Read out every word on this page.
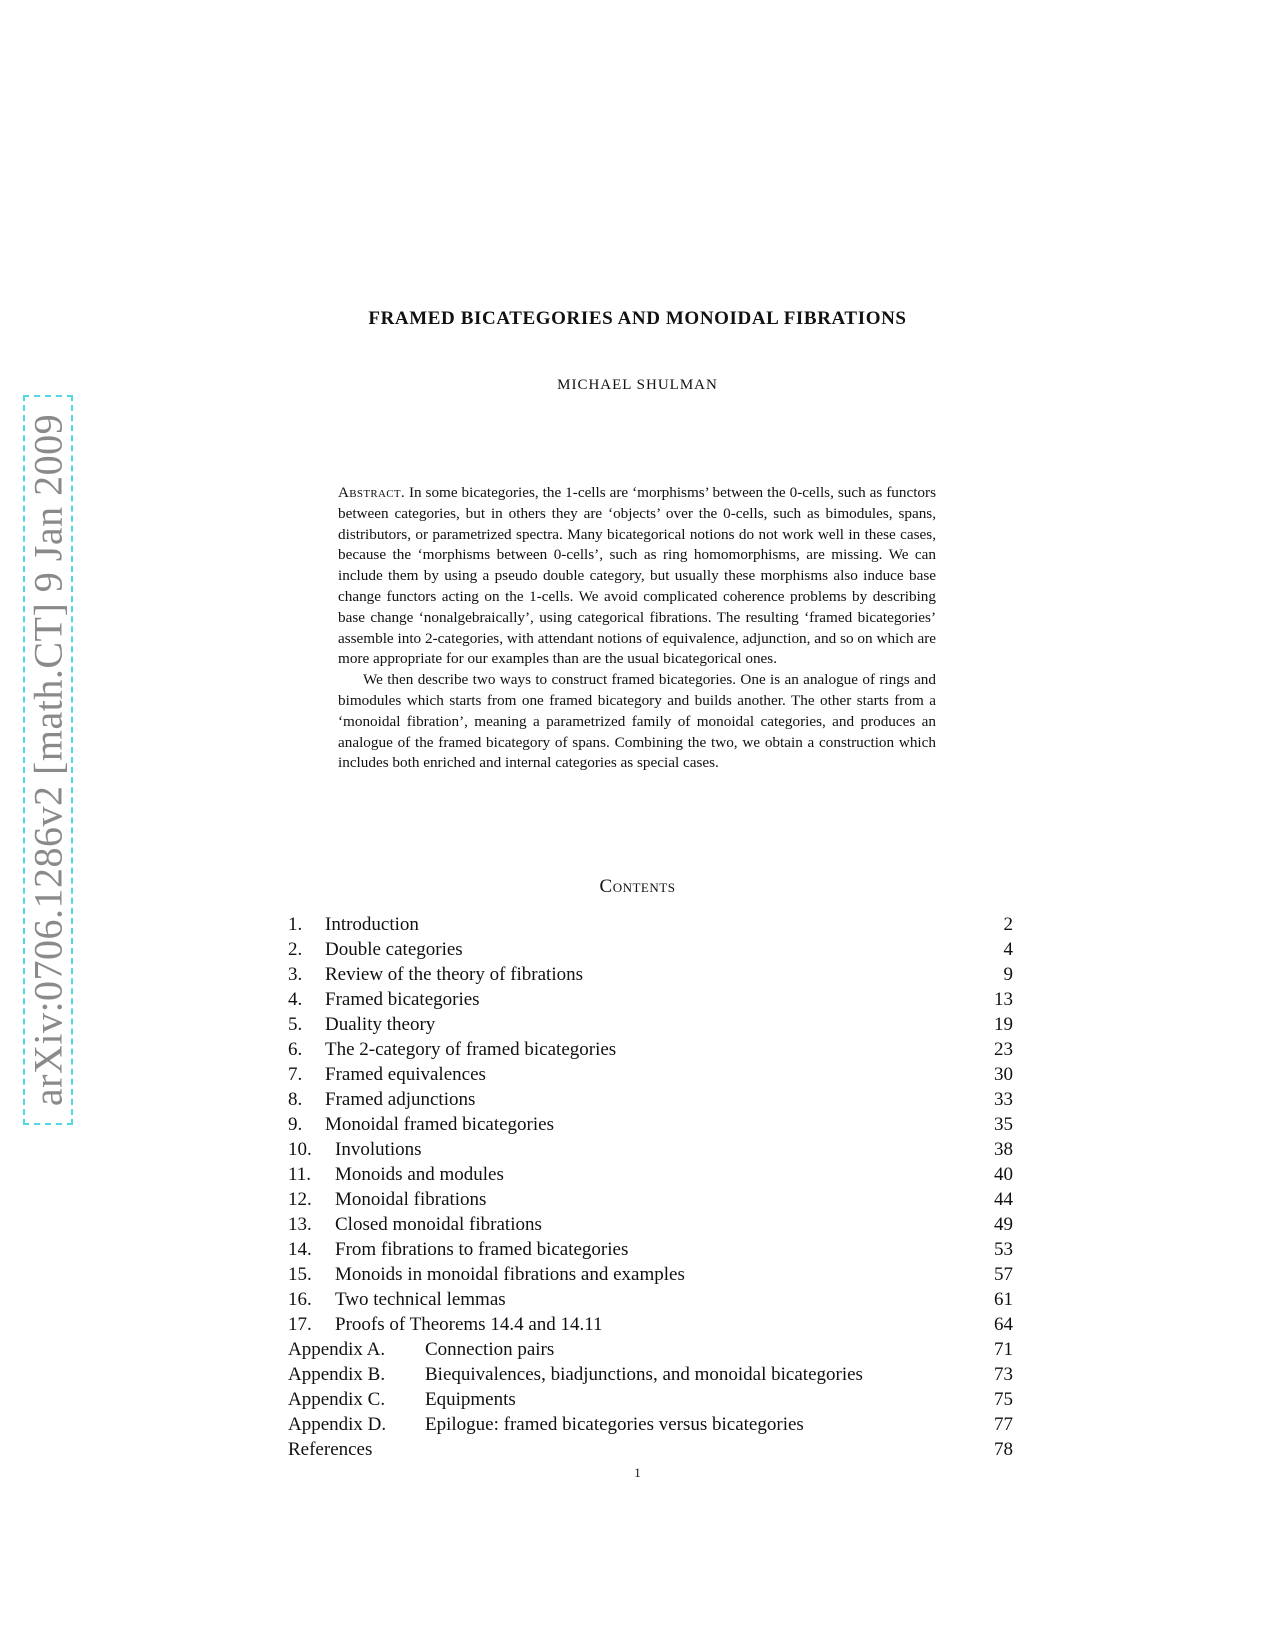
arXiv:0706.1286v2 [math.CT] 9 Jan 2009
FRAMED BICATEGORIES AND MONOIDAL FIBRATIONS
MICHAEL SHULMAN

Abstract. In some bicategories, the 1-cells are ‘morphisms’ between the 0-cells, such as functors between categories, but in others they are ‘objects’ over the 0-cells, such as bimodules, spans, distributors, or parametrized spectra. Many bicategorical notions do not work well in these cases, because the ‘morphisms between 0-cells’, such as ring homomorphisms, are missing. We can include them by using a pseudo double category, but usually these morphisms also induce base change functors acting on the 1-cells. We avoid complicated coherence problems by describing base change ‘nonalgebraically’, using categorical fibrations. The resulting ‘framed bicategories’ assemble into 2-categories, with attendant notions of equivalence, adjunction, and so on which are more appropriate for our examples than are the usual bicategorical ones.

We then describe two ways to construct framed bicategories. One is an analogue of rings and bimodules which starts from one framed bicategory and builds another. The other starts from a ‘monoidal fibration’, meaning a parametrized family of monoidal categories, and produces an analogue of the framed bicategory of spans. Combining the two, we obtain a construction which includes both enriched and internal categories as special cases.

Contents
1. Introduction	2
2. Double categories	4
3. Review of the theory of fibrations	9
4. Framed bicategories	13
5. Duality theory	19
6. The 2-category of framed bicategories	23
7. Framed equivalences	30
8. Framed adjunctions	33
9. Monoidal framed bicategories	35
10. Involutions	38
11. Monoids and modules	40
12. Monoidal fibrations	44
13. Closed monoidal fibrations	49
14. From fibrations to framed bicategories	53
15. Monoids in monoidal fibrations and examples	57
16. Two technical lemmas	61
17. Proofs of Theorems 14.4 and 14.11	64
Appendix A. Connection pairs	71
Appendix B. Biequivalences, biadjunctions, and monoidal bicategories	73
Appendix C. Equipments	75
Appendix D. Epilogue: framed bicategories versus bicategories	77
References	78
1
